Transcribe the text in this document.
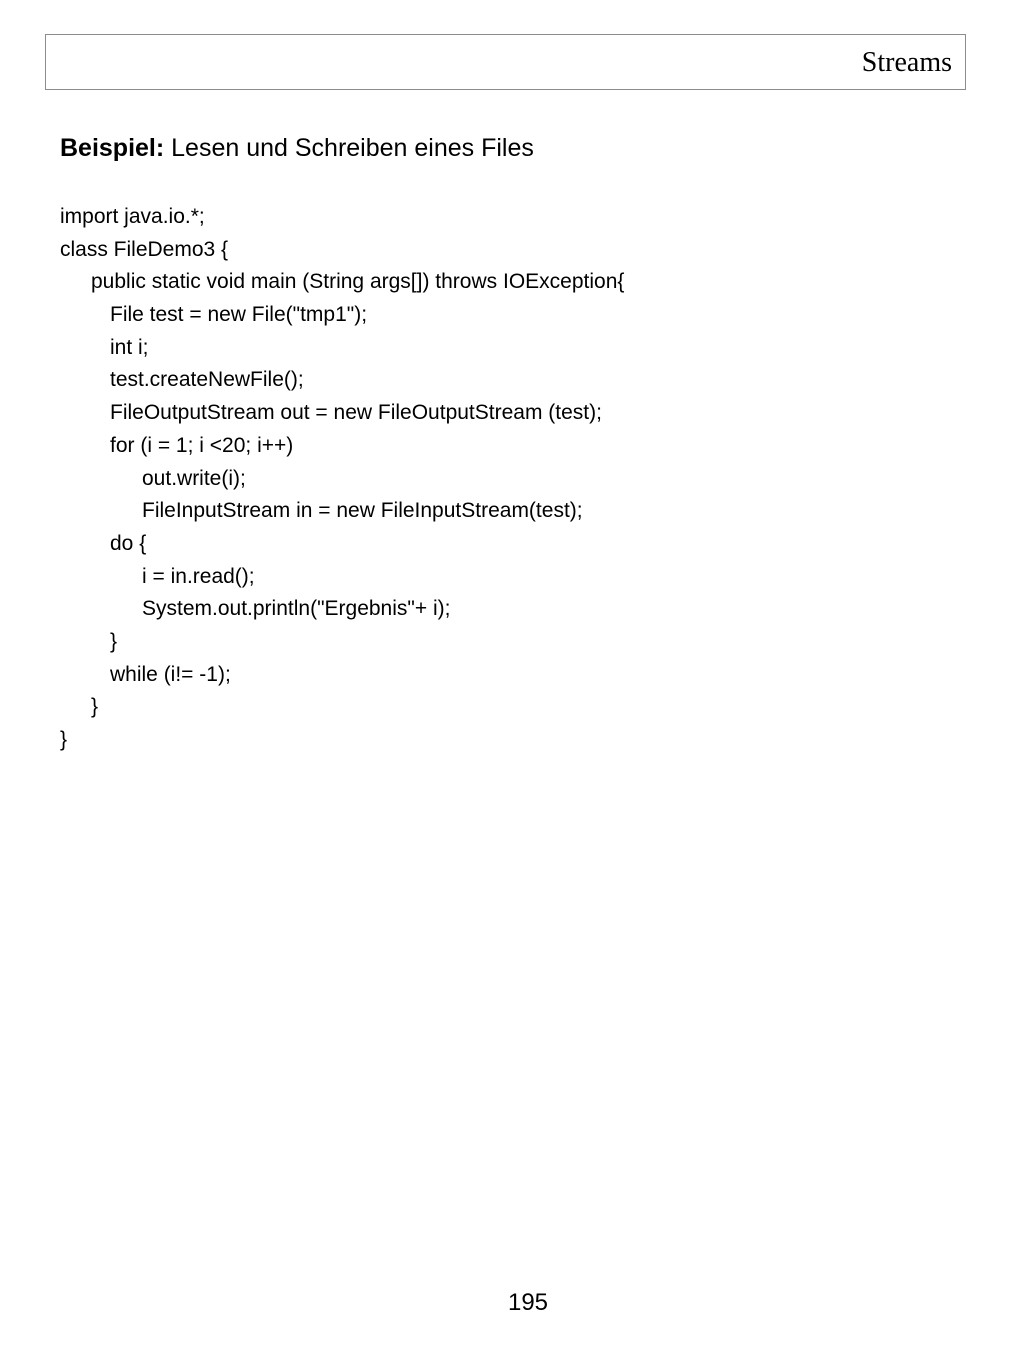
Streams
Beispiel: Lesen und Schreiben eines Files
import java.io.*;
class FileDemo3 {
public static void main (String args[]) throws IOException{
File test = new File("tmp1");
int i;
test.createNewFile();
FileOutputStream out = new FileOutputStream (test);
for (i = 1; i <20; i++)
out.write(i);
FileInputStream in = new FileInputStream(test);
do {
i = in.read();
System.out.println("Ergebnis"+ i);
}
while (i!= -1);
}
}
195
